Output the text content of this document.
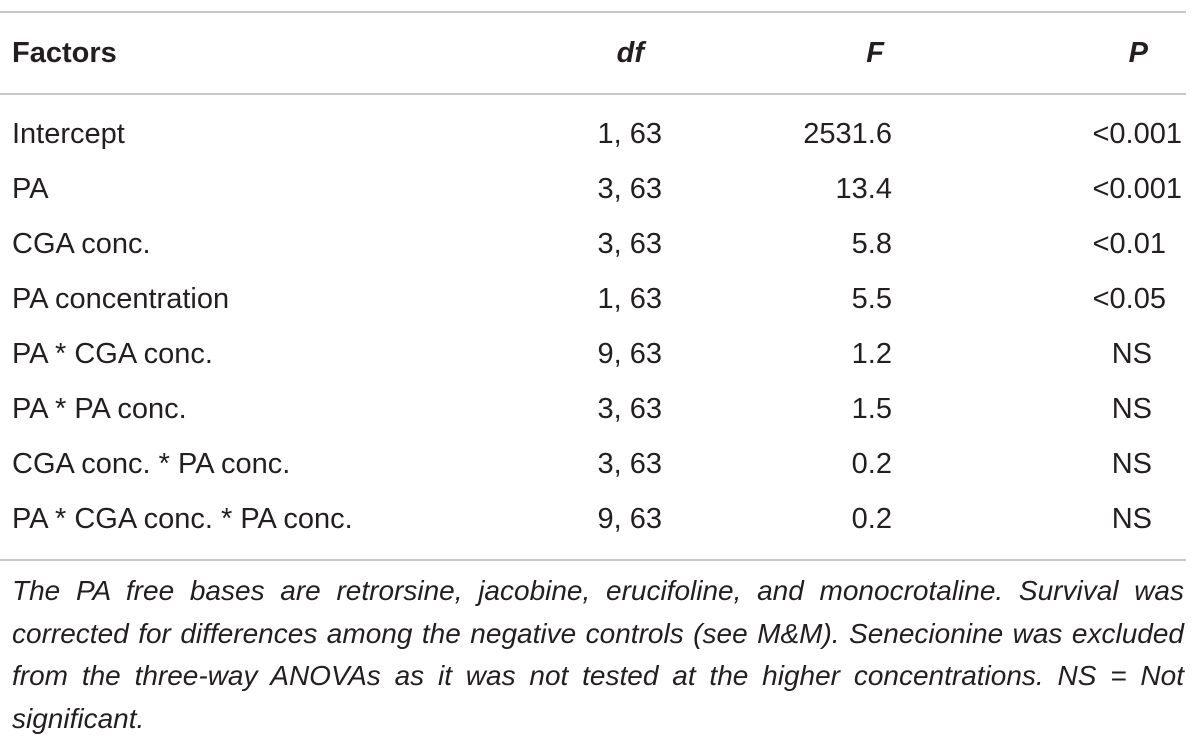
Factors	df	F	P
Intercept	1, 63	2531.6	<0.001
PA	3, 63	13.4	<0.001
CGA conc.	3, 63	5.8	<0.01
PA concentration	1, 63	5.5	<0.05
PA * CGA conc.	9, 63	1.2	NS
PA * PA conc.	3, 63	1.5	NS
CGA conc. * PA conc.	3, 63	0.2	NS
PA * CGA conc. * PA conc.	9, 63	0.2	NS
The PA free bases are retrorsine, jacobine, erucifoline, and monocrotaline. Survival was corrected for differences among the negative controls (see M&M). Senecionine was excluded from the three-way ANOVAs as it was not tested at the higher concentrations. NS = Not significant.
